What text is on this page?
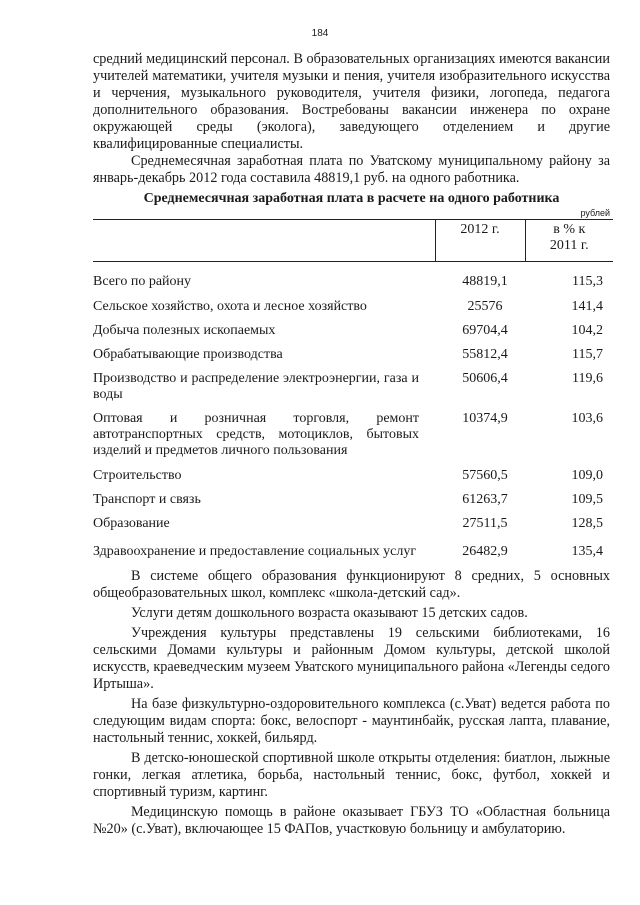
184

средний медицинский персонал. В образовательных организациях имеются вакансии учителей математики, учителя музыки и пения, учителя изобразительного искусства и черчения, музыкального руководителя, учителя физики, логопеда, педагога дополнительного образования. Востребованы вакансии инженера по охране окружающей среды (эколога), заведующего отделением и другие квалифицированные специалисты.

Среднемесячная заработная плата по Уватскому муниципальному району за январь-декабрь 2012 года составила 48819,1 руб. на одного работника.

Среднемесячная заработная плата в расчете на одного работника
рублей
	2012 г.	в % к
2011 г.

Всего по району	48819,1	115,3
Сельское хозяйство, охота и лесное хозяйство	25576	141,4
Добыча полезных ископаемых	69704,4	104,2
Обрабатывающие производства	55812,4	115,7
Производство и распределение электроэнергии, газа и воды	50606,4	119,6
Оптовая и розничная торговля, ремонт автотранспортных средств, мотоциклов, бытовых изделий и предметов личного пользования	10374,9	103,6
Строительство	57560,5	109,0
Транспорт и связь	61263,7	109,5
Образование	27511,5	128,5
Здравоохранение и предоставление социальных услуг	26482,9	135,4

В системе общего образования функционируют 8 средних, 5 основных общеобразовательных школ, комплекс «школа-детский сад».

Услуги детям дошкольного возраста оказывают 15 детских садов.

Учреждения культуры представлены 19 сельскими библиотеками, 16 сельскими Домами культуры и районным Домом культуры, детской школой искусств, краеведческим музеем Уватского муниципального района «Легенды седого Иртыша».

На базе физкультурно-оздоровительного комплекса (с.Уват) ведется работа по следующим видам спорта: бокс, велоспорт - маунтинбайк, русская лапта, плавание, настольный теннис, хоккей, бильярд.

В детско-юношеской спортивной школе открыты отделения: биатлон, лыжные гонки, легкая атлетика, борьба, настольный теннис, бокс, футбол, хоккей и спортивный туризм, картинг.

Медицинскую помощь в районе оказывает ГБУЗ ТО «Областная больница №20» (с.Уват), включающее 15 ФАПов, участковую больницу и амбулаторию.
